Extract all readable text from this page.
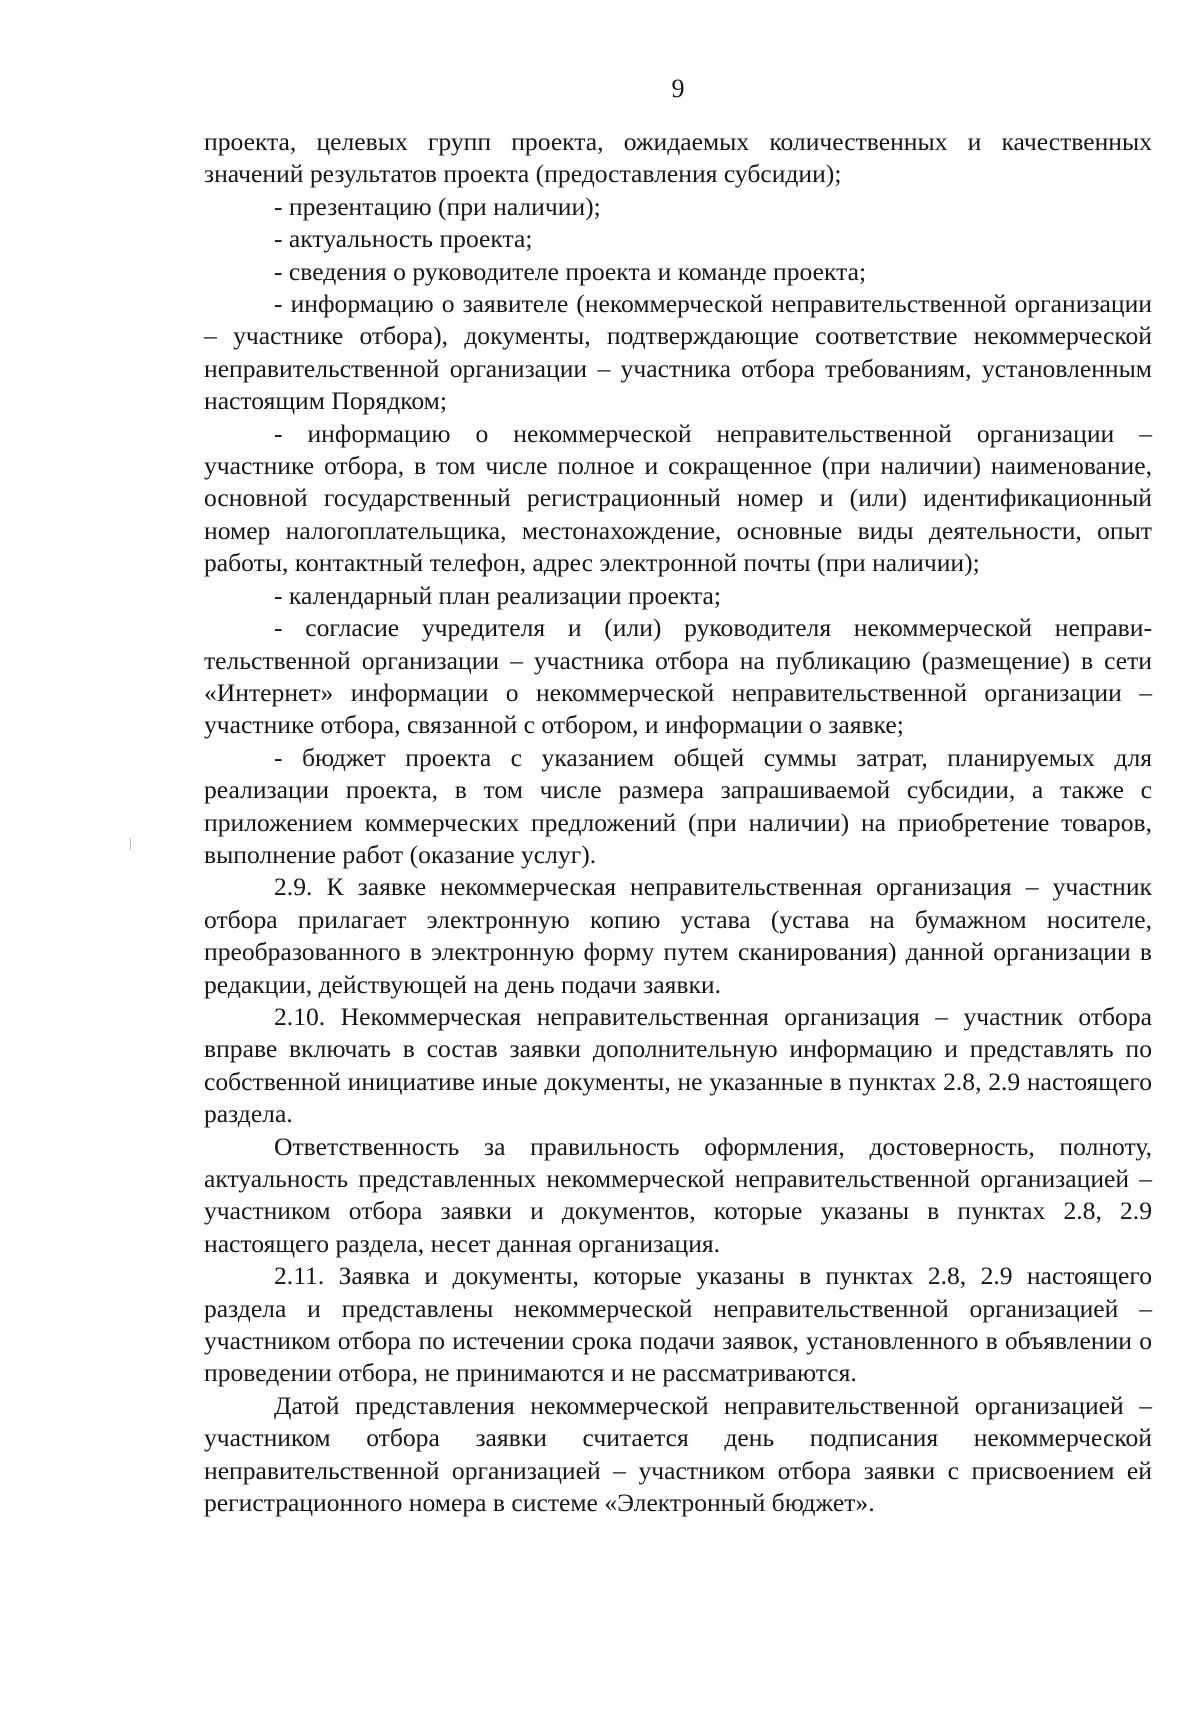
9

проекта, целевых групп проекта, ожидаемых количественных и качественных значений результатов проекта (предоставления субсидии);

- презентацию (при наличии);

- актуальность проекта;

- сведения о руководителе проекта и команде проекта;

- информацию о заявителе (некоммерческой неправительственной организации – участнике отбора), документы, подтверждающие соответствие некоммерческой неправительственной организации – участника отбора требованиям, установленным настоящим Порядком;

- информацию о некоммерческой неправительственной организации – участнике отбора, в том числе полное и сокращенное (при наличии) наименование, основной государственный регистрационный номер и (или) идентификационный номер налогоплательщика, местонахождение, основные виды деятельности, опыт работы, контактный телефон, адрес электронной почты (при наличии);

- календарный план реализации проекта;

- согласие учредителя и (или) руководителя некоммерческой неправительственной организации – участника отбора на публикацию (размещение) в сети «Интернет» информации о некоммерческой неправительственной организации – участнике отбора, связанной с отбором, и информации о заявке;

- бюджет проекта с указанием общей суммы затрат, планируемых для реализации проекта, в том числе размера запрашиваемой субсидии, а также с приложением коммерческих предложений (при наличии) на приобретение товаров, выполнение работ (оказание услуг).

2.9. К заявке некоммерческая неправительственная организация – участник отбора прилагает электронную копию устава (устава на бумажном носителе, преобразованного в электронную форму путем сканирования) данной организации в редакции, действующей на день подачи заявки.

2.10. Некоммерческая неправительственная организация – участник отбора вправе включать в состав заявки дополнительную информацию и представлять по собственной инициативе иные документы, не указанные в пунктах 2.8, 2.9 настоящего раздела.

Ответственность за правильность оформления, достоверность, полноту, актуальность представленных некоммерческой неправительственной организацией – участником отбора заявки и документов, которые указаны в пунктах 2.8, 2.9 настоящего раздела, несет данная организация.

2.11. Заявка и документы, которые указаны в пунктах 2.8, 2.9 настоящего раздела и представлены некоммерческой неправительственной организацией – участником отбора по истечении срока подачи заявок, установленного в объявлении о проведении отбора, не принимаются и не рассматриваются.

Датой представления некоммерческой неправительственной организацией – участником отбора заявки считается день подписания некоммерческой неправительственной организацией – участником отбора заявки с присвоением ей регистрационного номера в системе «Электронный бюджет».
